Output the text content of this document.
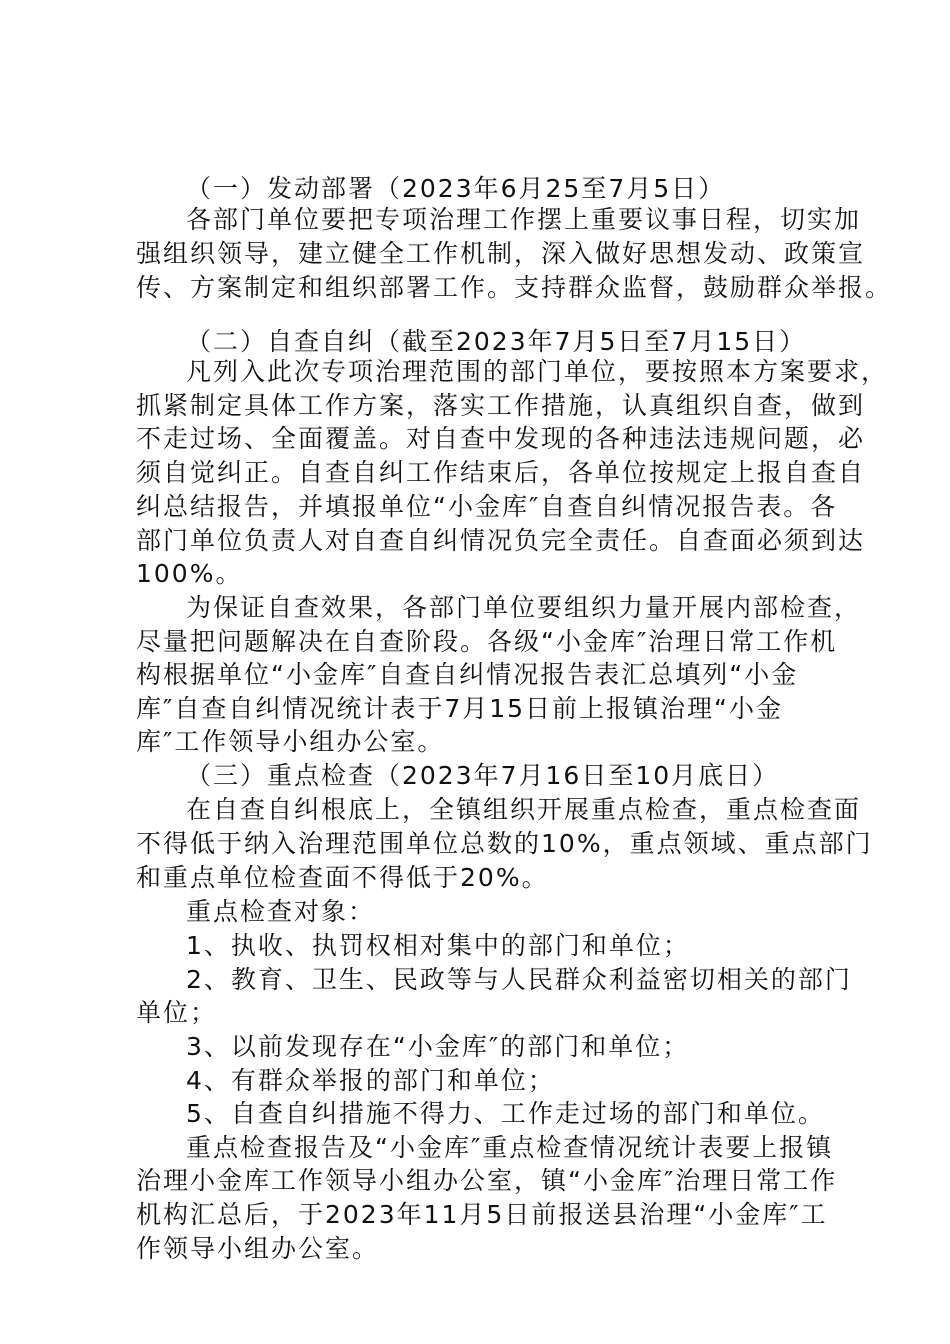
（一）发动部署（2023年6月25至7月5日）
各部门单位要把专项治理工作摆上重要议事日程，切实加
强组织领导，建立健全工作机制，深入做好思想发动、政策宣
传、方案制定和组织部署工作。支持群众监督，鼓励群众举报。
（二）自查自纠（截至2023年7月5日至7月15日）
凡列入此次专项治理范围的部门单位，要按照本方案要求，
抓紧制定具体工作方案，落实工作措施，认真组织自查，做到
不走过场、全面覆盖。对自查中发现的各种违法违规问题，必
须自觉纠正。自查自纠工作结束后，各单位按规定上报自查自
纠总结报告，并填报单位“小金库″自查自纠情况报告表。各
部门单位负责人对自查自纠情况负完全责任。自查面必须到达
100%。
为保证自查效果，各部门单位要组织力量开展内部检查，
尽量把问题解决在自查阶段。各级“小金库″治理日常工作机
构根据单位“小金库″自查自纠情况报告表汇总填列“小金
库″自查自纠情况统计表于7月15日前上报镇治理“小金
库″工作领导小组办公室。
（三）重点检查（2023年7月16日至10月底日）
在自查自纠根底上，全镇组织开展重点检查，重点检查面
不得低于纳入治理范围单位总数的10%，重点领域、重点部门
和重点单位检查面不得低于20%。
重点检查对象：
1、执收、执罚权相对集中的部门和单位；
2、教育、卫生、民政等与人民群众利益密切相关的部门
单位；
3、以前发现存在“小金库″的部门和单位；
4、有群众举报的部门和单位；
5、自查自纠措施不得力、工作走过场的部门和单位。
重点检查报告及“小金库″重点检查情况统计表要上报镇
治理小金库工作领导小组办公室，镇“小金库″治理日常工作
机构汇总后，于2023年11月5日前报送县治理“小金库″工
作领导小组办公室。
